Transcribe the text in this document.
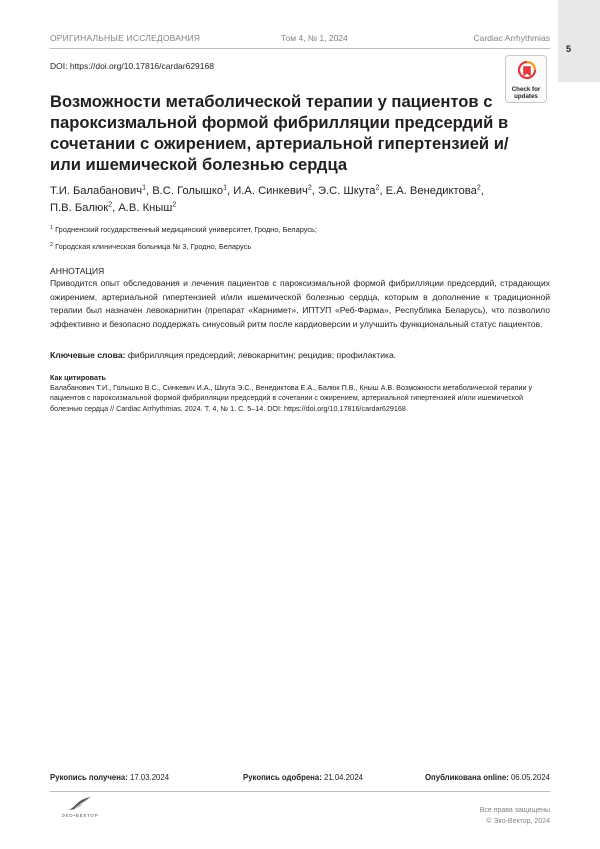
5
ОРИГИНАЛЬНЫЕ ИССЛЕДОВАНИЯ	Том 4, № 1, 2024	Cardiac Arrhythmias
DOI: https://doi.org/10.17816/cardar629168
Check for
updates
Возможности метаболической терапии у пациентов с пароксизмальной формой фибрилляции предсердий в сочетании с ожирением, артериальной гипертензией и/или ишемической болезнью сердца
Т.И. Балабанович$^1$, В.С. Голышко$^1$, И.А. Синкевич$^2$, Э.С. Шкута$^2$, Е.А. Венедиктова$^2$, П.В. Балюк$^2$, А.В. Кныш$^2$
$^1$ Гродненский государственный медицинский университет, Гродно, Беларусь;
$^2$ Городская клиническая больница № 3, Гродно, Беларусь
АННОТАЦИЯ

Приводится опыт обследования и лечения пациентов с пароксизмальной формой фибрилляции предсердий, страдающих ожирением, артериальной гипертензией и/или ишемической болезнью сердца, которым в дополнение к традиционной терапии был назначен левокарнитин (препарат «Карнимет», ИПТУП «Реб-Фарма», Республика Беларусь), что позволило эффективно и безопасно поддержать синусовый ритм после кардиоверсии и улучшить функциональный статус пациентов.

Ключевые слова: фибрилляция предсердий; левокарнитин; рецидив; профилактика.

Как цитировать

Балабанович Т.И., Голышко В.С., Синкевич И.А., Шкута Э.С., Венедиктова Е.А., Балюк П.В., Кныш А.В. Возможности метаболической терапии у пациентов с пароксизмальной формой фибрилляции предсердий в сочетании с ожирением, артериальной гипертензией и/или ишемической болезнью сердца // Cardiac Arrhythmias. 2024. Т. 4, № 1. С. 5–14. DOI: https://doi.org/10.17816/cardar629168

Рукопись получена: 17.03.2024	Рукопись одобрена: 21.04.2024	Опубликована online: 06.05.2024
ЭКО•ВЕКТОР
Все права защищены
© Эко-Вектор, 2024
